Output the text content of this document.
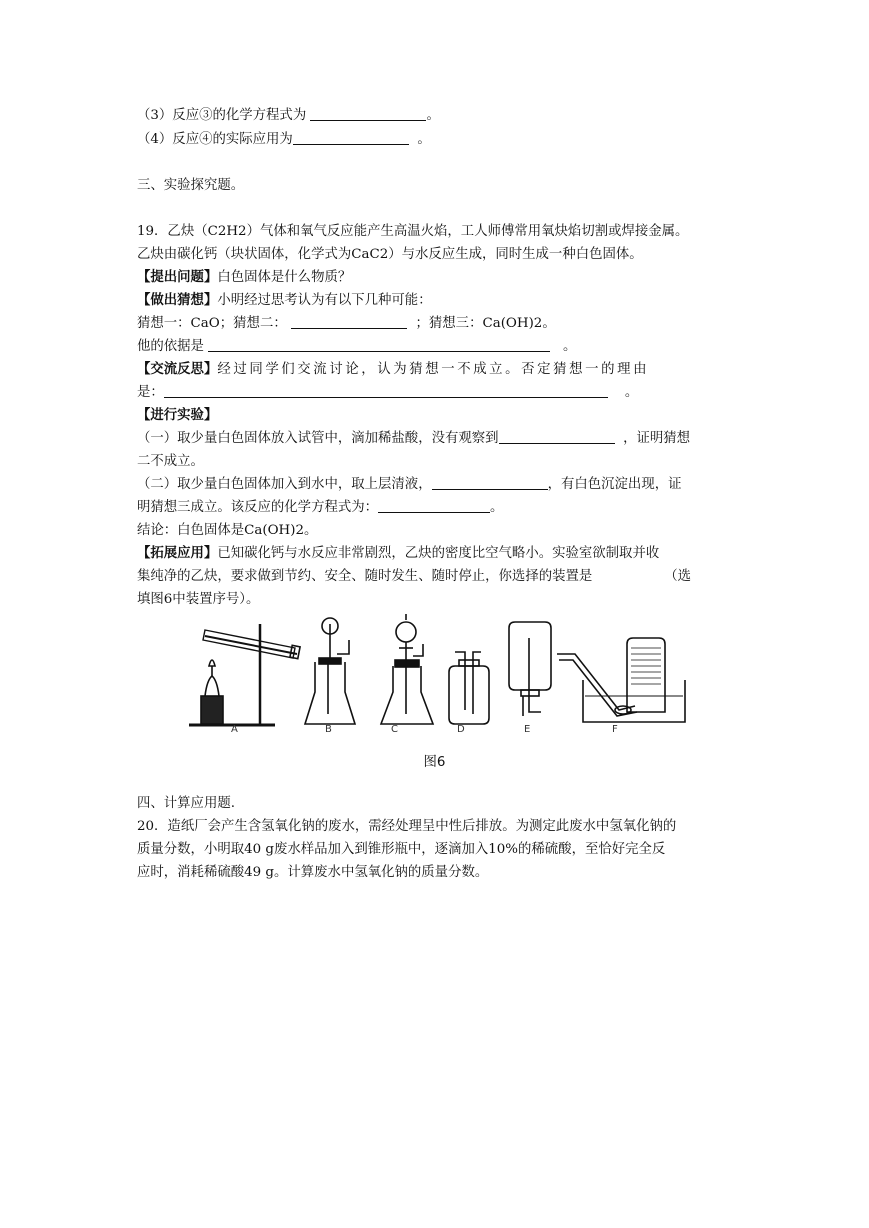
（3）反应③的化学方程式为	。
（4）反应④的实际应用为	。
三、实验探究题。
19．乙炔（C2H2）气体和氧气反应能产生高温火焰，工人师傅常用氧炔焰切割或焊接金属。
乙炔由碳化钙（块状固体，化学式为CaC2）与水反应生成，同时生成一种白色固体。
【提出问题】白色固体是什么物质？
【做出猜想】小明经过思考认为有以下几种可能：
猜想一：CaO；猜想二：	；猜想三：Ca(OH)2。
他的依据是	。
【交流反思】经过同学们交流讨论，认为猜想一不成立。否定猜想一的理由
是：	。
【进行实验】
（一）取少量白色固体放入试管中，滴加稀盐酸，没有观察到	，证明猜想
二不成立。
（二）取少量白色固体加入到水中，取上层清液，	，有白色沉淀出现，证
明猜想三成立。该反应的化学方程式为：	。
结论：白色固体是Ca(OH)2。
【拓展应用】已知碳化钙与水反应非常剧烈，乙炔的密度比空气略小。实验室欲制取并收
集纯净的乙炔，要求做到节约、安全、随时发生、随时停止，你选择的装置是	（选
填图6中装置序号）。
A	B	C	D	E	F
图6
四、计算应用题.
20．造纸厂会产生含氢氧化钠的废水，需经处理呈中性后排放。为测定此废水中氢氧化钠的
质量分数，小明取40 g废水样品加入到锥形瓶中，逐滴加入10%的稀硫酸，至恰好完全反
应时，消耗稀硫酸49 g。计算废水中氢氧化钠的质量分数。
